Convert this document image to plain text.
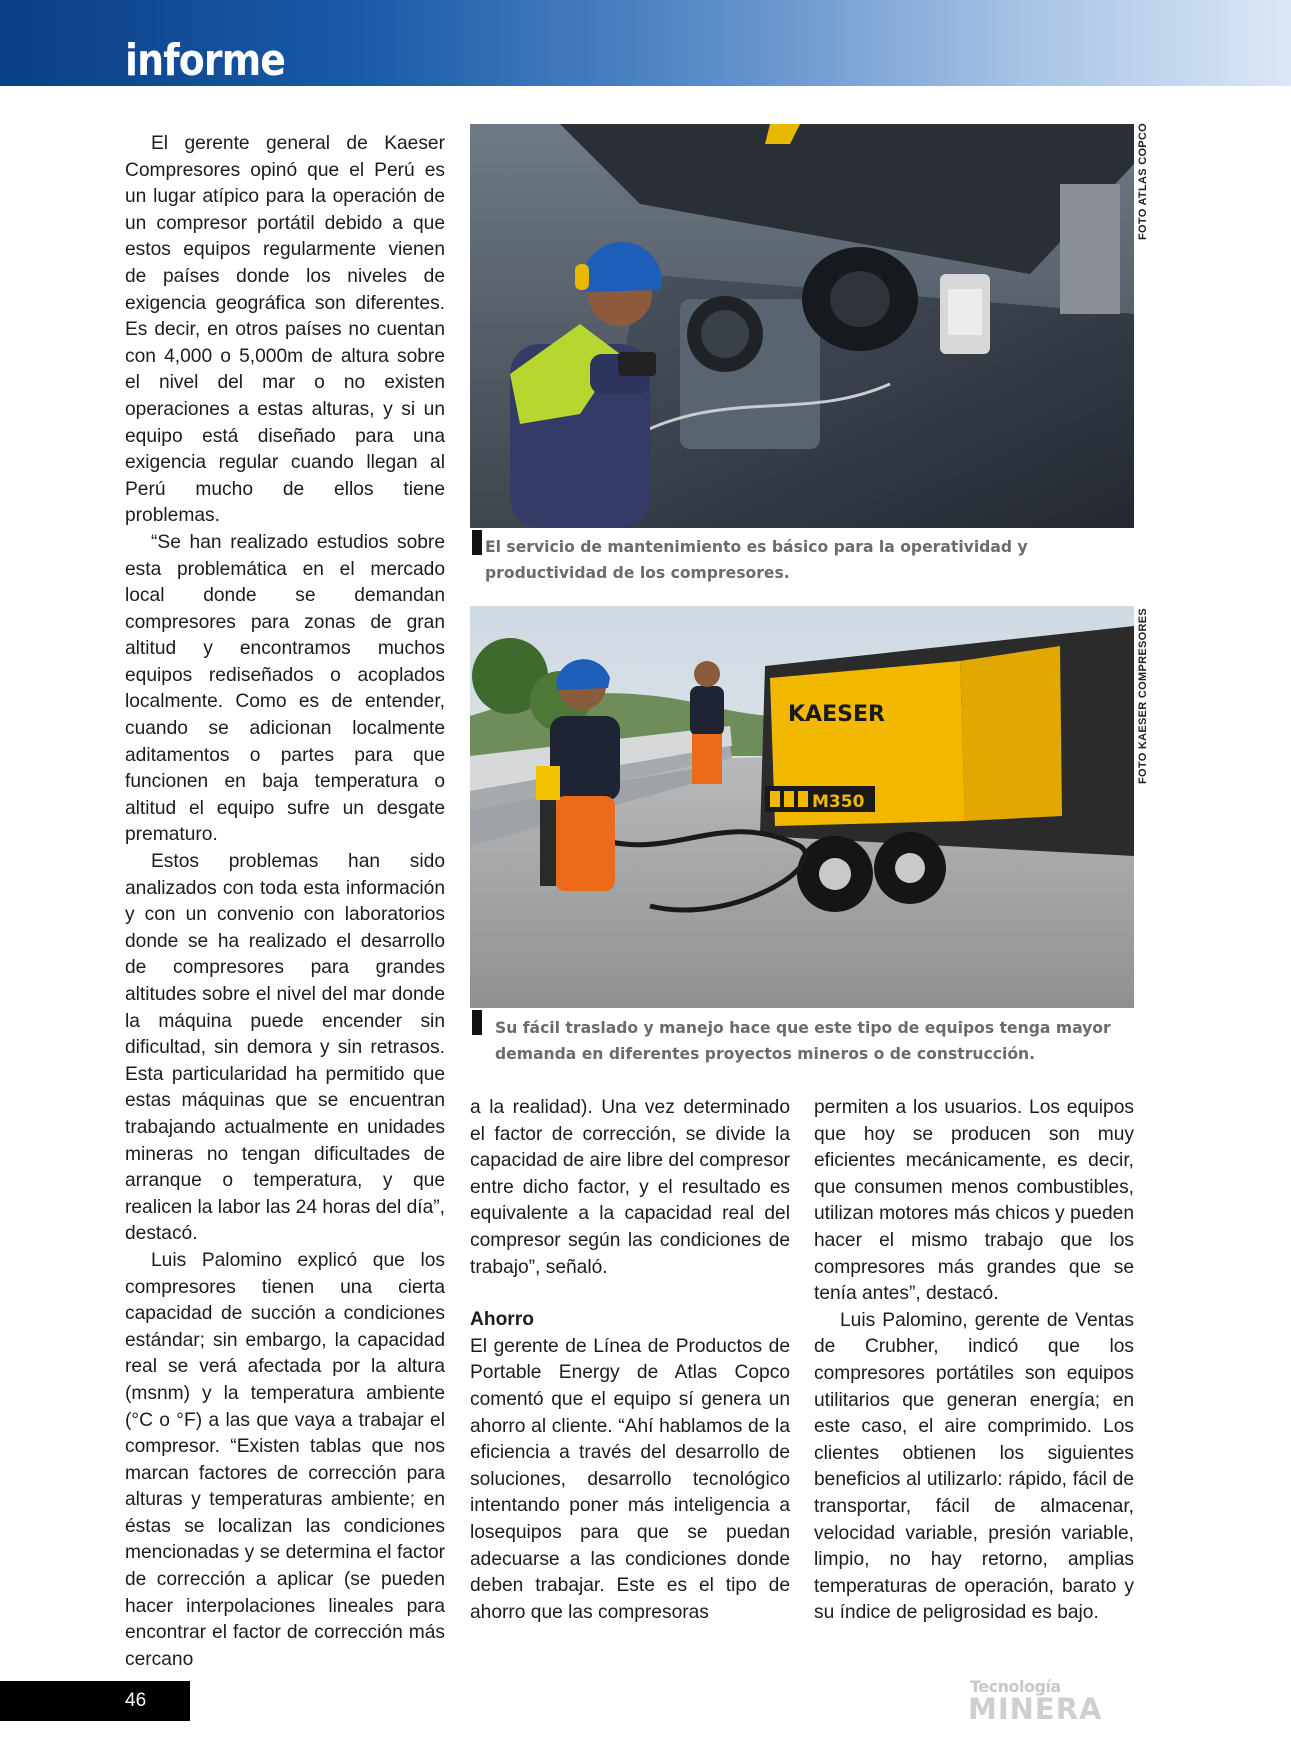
informe

El gerente general de Kaeser Compresores opinó que el Perú es un lugar atípico para la operación de un compresor portátil debido a que estos equipos regularmente vienen de países donde los niveles de exigencia geográfica son diferentes. Es decir, en otros países no cuentan con 4,000 o 5,000m de altura sobre el nivel del mar o no existen operaciones a estas alturas, y si un equipo está diseñado para una exigencia regular cuando llegan al Perú mucho de ellos tiene problemas.

“Se han realizado estudios sobre esta problemática en el mercado local donde se demandan compresores para zonas de gran altitud y encontramos muchos equipos rediseñados o acoplados localmente. Como es de entender, cuando se adicionan localmente aditamentos o partes para que funcionen en baja temperatura o altitud el equipo sufre un desgate prematuro.

Estos problemas han sido analizados con toda esta información y con un convenio con laboratorios donde se ha realizado el desarrollo de compresores para grandes altitudes sobre el nivel del mar donde la máquina puede encender sin dificultad, sin demora y sin retrasos. Esta particularidad ha permitido que estas máquinas que se encuentran trabajando actualmente en unidades mineras no tengan dificultades de arranque o temperatura, y que realicen la labor las 24 horas del día”, destacó.

Luis Palomino explicó que los compresores tienen una cierta capacidad de succión a condiciones estándar; sin embargo, la capacidad real se verá afectada por la altura (msnm) y la temperatura ambiente (°C o °F) a las que vaya a trabajar el compresor. “Existen tablas que nos marcan factores de corrección para alturas y temperaturas ambiente; en éstas se localizan las condiciones mencionadas y se determina el factor de corrección a aplicar (se pueden hacer interpolaciones lineales para encontrar el factor de corrección más cercano

FOTO ATLAS COPCO
El servicio de mantenimiento es básico para la operatividad y productividad de los compresores.
KAESER
M350
FOTO KAESER COMPRESORES
Su fácil traslado y manejo hace que este tipo de equipos tenga mayor demanda en diferentes proyectos mineros o de construcción.

a la realidad). Una vez determinado el factor de corrección, se divide la capacidad de aire libre del compresor entre dicho factor, y el resultado es equivalente a la capacidad real del compresor según las condiciones de trabajo”, señaló.

Ahorro

El gerente de Línea de Productos de Portable Energy de Atlas Copco comentó que el equipo sí genera un ahorro al cliente. “Ahí hablamos de la eficiencia a través del desarrollo de soluciones, desarrollo tecnológico intentando poner más inteligencia a losequipos para que se puedan adecuarse a las condiciones donde deben trabajar. Este es el tipo de ahorro que las compresoras

permiten a los usuarios. Los equipos que hoy se producen son muy eficientes mecánicamente, es decir, que consumen menos combustibles, utilizan motores más chicos y pueden hacer el mismo trabajo que los compresores más grandes que se tenía antes”, destacó.

Luis Palomino, gerente de Ventas de Crubher, indicó que los compresores portátiles son equipos utilitarios que generan energía; en este caso, el aire comprimido. Los clientes obtienen los siguientes beneficios al utilizarlo: rápido, fácil de transportar, fácil de almacenar, velocidad variable, presión variable, limpio, no hay retorno, amplias temperaturas de operación, barato y su índice de peligrosidad es bajo.

46
Tecnología
MINERA
